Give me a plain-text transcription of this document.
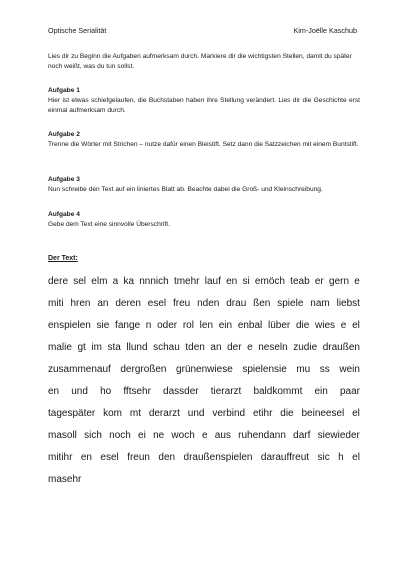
Optische Serialität	Kim-Joëlle Kaschub
Lies dir zu Beginn die Aufgaben aufmerksam durch. Markiere dir die wichtigsten Stellen, damit du später noch weißt, was du tun sollst.
Aufgabe 1
Hier ist etwas schiefgelaufen, die Buchstaben haben ihre Stellung verändert. Lies dir die Geschichte erst einmal aufmerksam durch.
Aufgabe 2
Trenne die Wörter mit Strichen – nutze dafür einen Bleistift. Setz dann die Satzzeichen mit einem Buntstift.
Aufgabe 3
Nun schreibe den Text auf ein liniertes Blatt ab. Beachte dabei die Groß- und Kleinschreibung.
Aufgabe 4
Gebe dem Text eine sinnvolle Überschrift.
Der Text:
dere sel elm a ka nnnich tmehr lauf en si emöch teab er gern e
miti hren an deren esel freu nden drau ßen spiele nam liebst
enspielen sie fange n oder rol len ein enbal lüber die wies e el
malie gt im sta llund schau tden an der e neseln zudie draußen
zusammenauf dergroßen grünenwiese spielensie mu ss wein
en und ho fftsehr dassder tierarzt baldkommt ein paar
tagespäter kom mt derarzt und verbind etihr die beineesel el
masoll sich noch ei ne woch e aus ruhendann darf siewieder
mitihr en esel freun den draußenspielen darauffreut sic h el
masehr
